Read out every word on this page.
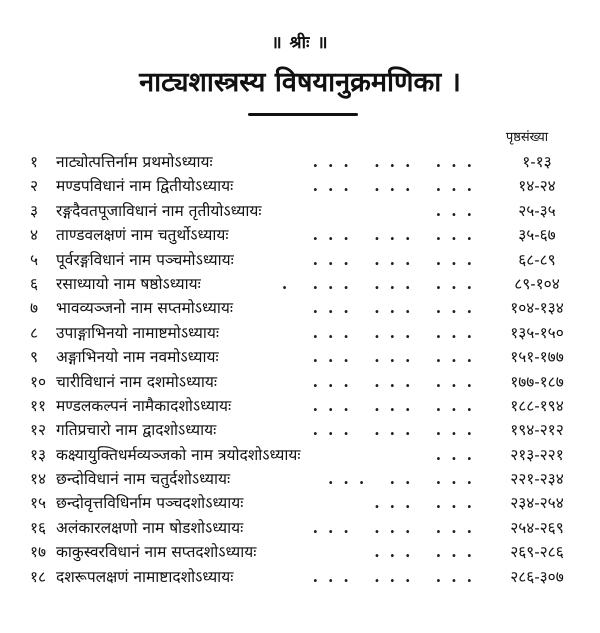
॥ श्रीः ॥
नाट्यशास्त्रस्य विषयानुक्रमणिका ।
पृष्ठसंख्या
१	नाट्योत्पत्तिर्नाम प्रथमोऽध्यायः	... ... ...	१-१३
२	मण्डपविधानं नाम द्वितीयोऽध्यायः	... ... ...	१४-२४
३	रङ्गदैवतपूजाविधानं नाम तृतीयोऽध्यायः	...	२५-३५
४	ताण्डवलक्षणं नाम चतुर्थोऽध्यायः	... ... ...	३५-६७
५	पूर्वरङ्गविधानं नाम पञ्चमोऽध्यायः	... ... ...	६८-८९
६	रसाध्यायो नाम षष्ठोऽध्यायः	. ... ... ...	८९-१०४
७	भावव्यञ्जनो नाम सप्तमोऽध्यायः	... ... ...	१०४-१३४
८	उपाङ्गाभिनयो नामाष्टमोऽध्यायः	... ... ...	१३५-१५०
९	अङ्गाभिनयो नाम नवमोऽध्यायः	... ... ...	१५१-१७७
१० चारीविधानं नाम दशमोऽध्यायः	... ... ...	१७७-१८७
११ मण्डलकल्पनं नामैकादशोऽध्यायः	... ... ...	१८८-१९४
१२ गतिप्रचारो नाम द्वादशोऽध्यायः	... ... ...	१९४-२१२
१३ कक्ष्यायुक्तिधर्मव्यञ्जको नाम त्रयोदशोऽध्यायः	...	२१३-२२१
१४ छन्दोविधानं नाम चतुर्दशोऽध्यायः	... .. ...	२२१-२३४
१५ छन्दोवृत्तविधिर्नाम पञ्चदशोऽध्यायः	... ...	२३४-२५४
१६ अलंकारलक्षणो नाम षोडशोऽध्यायः	... ... ...	२५४-२६९
१७ काकुस्वरविधानं नाम सप्तदशोऽध्यायः	... ...	२६९-२८६
१८ दशरूपलक्षणं नामाष्टादशोऽध्यायः	... ... ...	२८६-३०७
